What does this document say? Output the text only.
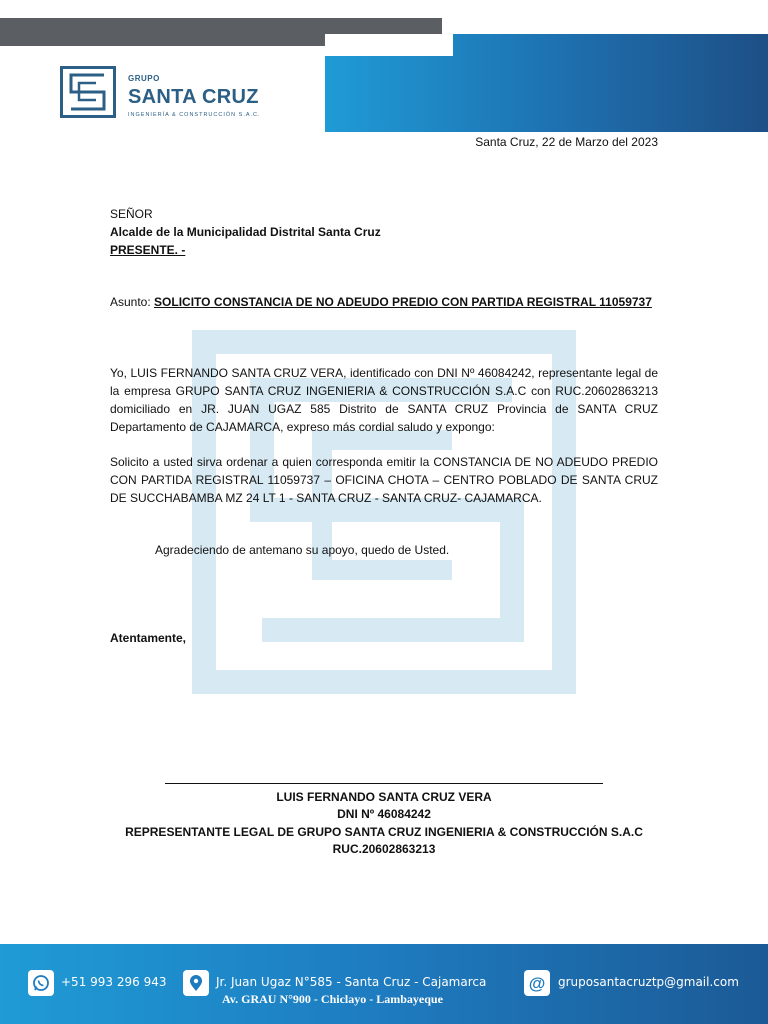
GRUPO
SANTA CRUZ
INGENIERÍA & CONSTRUCCIÓN S.A.C.
Santa Cruz, 22 de Marzo del 2023
SEÑOR
Alcalde de la Municipalidad Distrital Santa Cruz
PRESENTE. -
Asunto: SOLICITO CONSTANCIA DE NO ADEUDO PREDIO CON PARTIDA REGISTRAL 11059737
Yo, LUIS FERNANDO SANTA CRUZ VERA, identificado con DNI Nº 46084242, representante legal de la empresa GRUPO SANTA CRUZ INGENIERIA & CONSTRUCCIÓN S.A.C con RUC.20602863213 domiciliado en JR. JUAN UGAZ 585 Distrito de SANTA CRUZ Provincia de SANTA CRUZ Departamento de CAJAMARCA, expreso más cordial saludo y expongo:
Solicito a usted sirva ordenar a quien corresponda emitir la CONSTANCIA DE NO ADEUDO PREDIO CON PARTIDA REGISTRAL 11059737 – OFICINA CHOTA – CENTRO POBLADO DE SANTA CRUZ DE SUCCHABAMBA MZ 24 LT 1 - SANTA CRUZ - SANTA CRUZ- CAJAMARCA.
Agradeciendo de antemano su apoyo, quedo de Usted.
Atentamente,
LUIS FERNANDO SANTA CRUZ VERA
DNI Nº 46084242
REPRESENTANTE LEGAL DE GRUPO SANTA CRUZ INGENIERIA & CONSTRUCCIÓN S.A.C
RUC.20602863213
+51 993 296 943	Jr. Juan Ugaz N°585 - Santa Cruz - Cajamarca
Av. GRAU N°900 - Chiclayo - Lambayeque
@ gruposantacruztp@gmail.com
